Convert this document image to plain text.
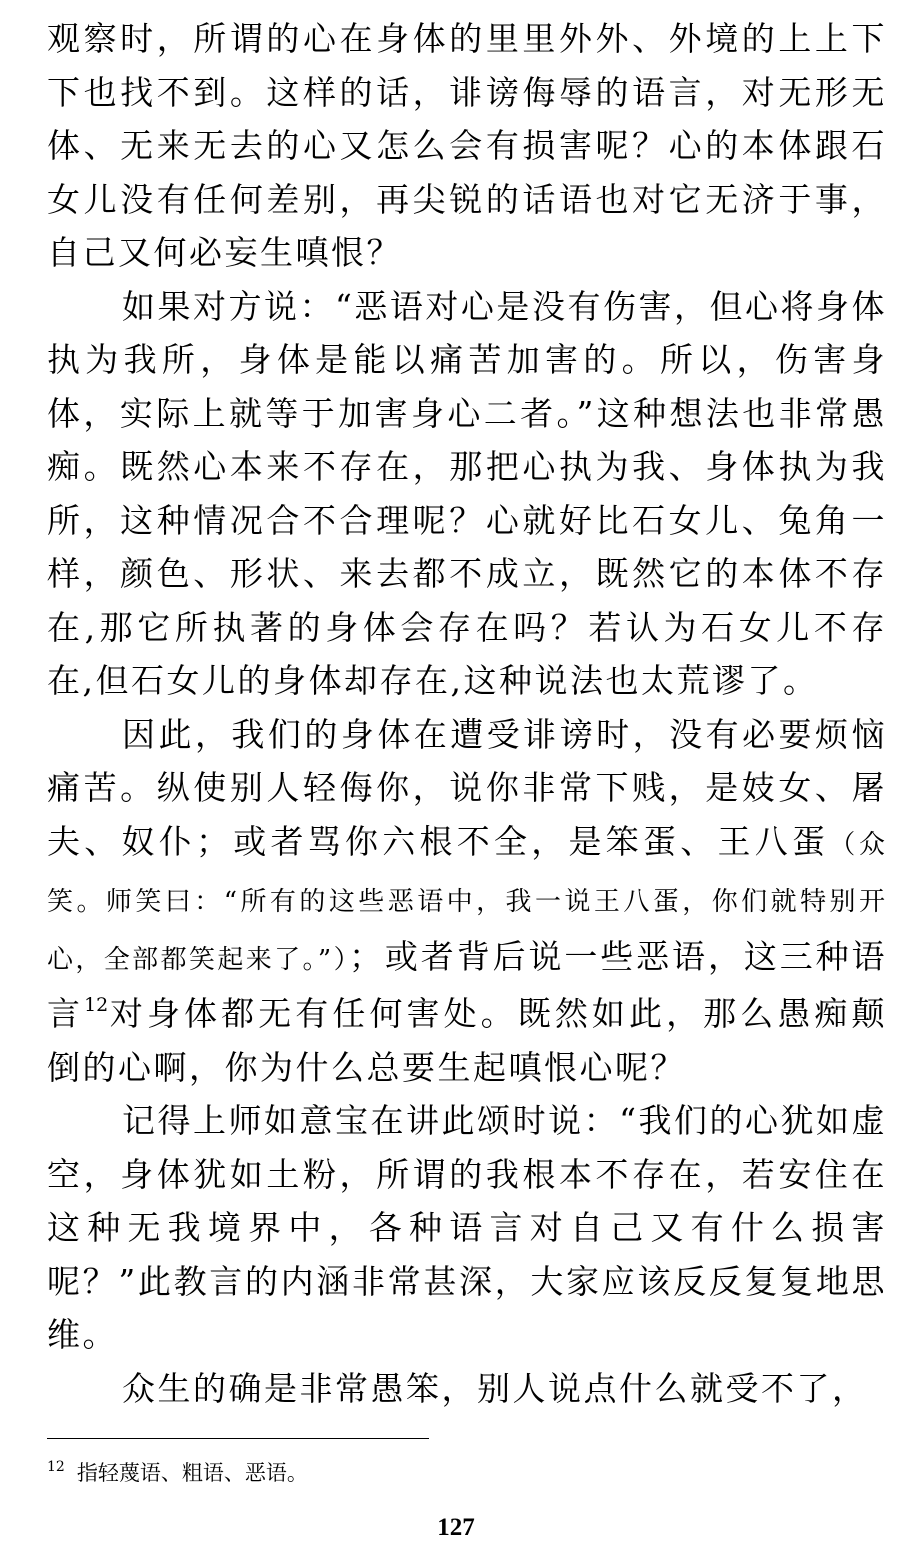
观察时，所谓的心在身体的里里外外、外境的上上下下也找不到。这样的话，诽谤侮辱的语言，对无形无体、无来无去的心又怎么会有损害呢？心的本体跟石女儿没有任何差别，再尖锐的话语也对它无济于事，自己又何必妄生嗔恨？

如果对方说：“恶语对心是没有伤害，但心将身体执为我所，身体是能以痛苦加害的。所以，伤害身体，实际上就等于加害身心二者。”这种想法也非常愚痴。既然心本来不存在，那把心执为我、身体执为我所，这种情况合不合理呢？心就好比石女儿、兔角一样，颜色、形状、来去都不成立，既然它的本体不存在,那它所执著的身体会存在吗？若认为石女儿不存在,但石女儿的身体却存在,这种说法也太荒谬了。

因此，我们的身体在遭受诽谤时，没有必要烦恼痛苦。纵使别人轻侮你，说你非常下贱，是妓女、屠夫、奴仆；或者骂你六根不全，是笨蛋、王八蛋（众笑。师笑曰：“所有的这些恶语中，我一说王八蛋，你们就特别开心，全部都笑起来了。”）；或者背后说一些恶语，这三种语言$^{12}$对身体都无有任何害处。既然如此，那么愚痴颠倒的心啊，你为什么总要生起嗔恨心呢？

记得上师如意宝在讲此颂时说：“我们的心犹如虚空，身体犹如土粉，所谓的我根本不存在，若安住在这种无我境界中，各种语言对自己又有什么损害呢？”此教言的内涵非常甚深，大家应该反反复复地思维。

众生的确是非常愚笨，别人说点什么就受不了，

$^{12}$ 指轻蔑语、粗语、恶语。
127
